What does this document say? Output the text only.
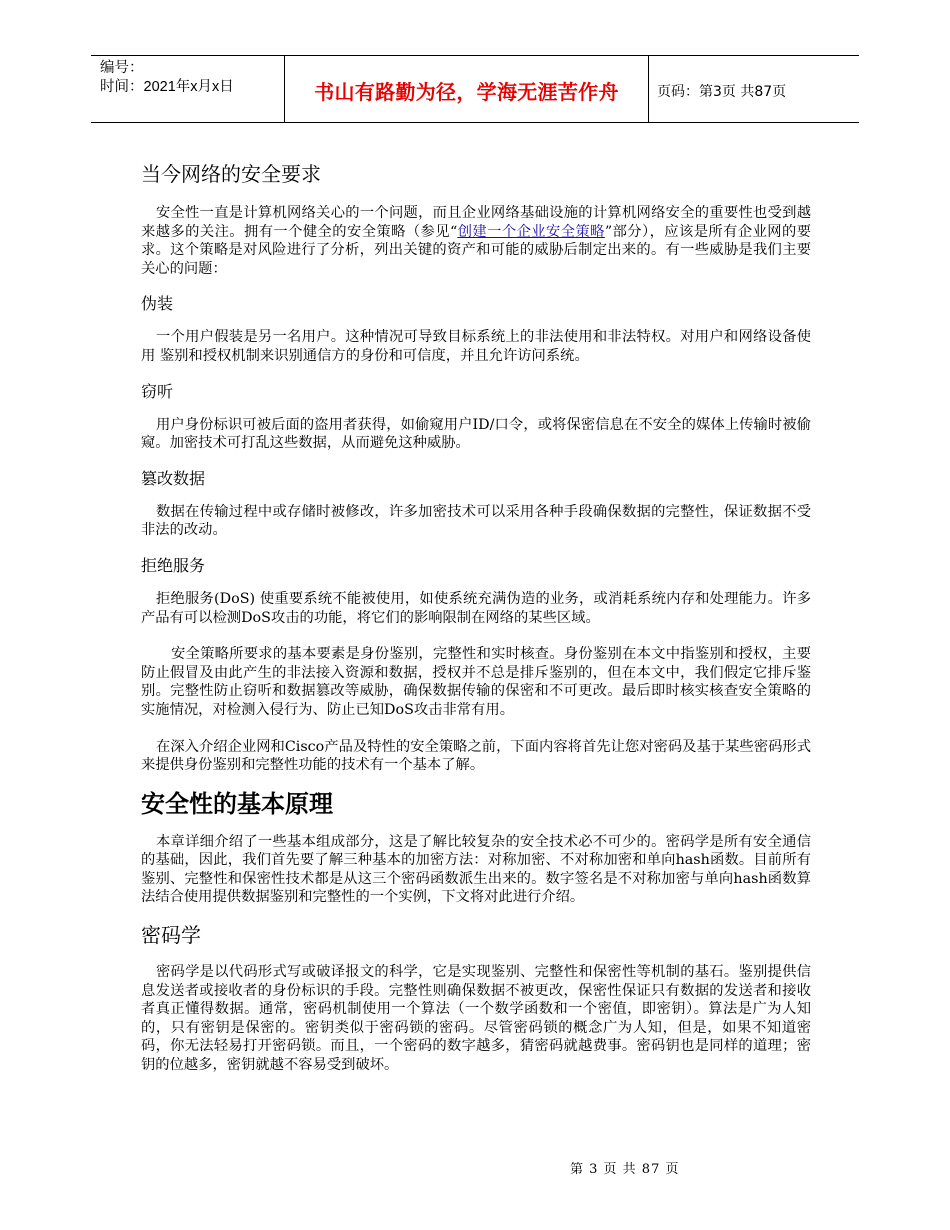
编号：
时间：2021年x月x日	书山有路勤为径，学海无涯苦作舟	页码：第3页 共87页
当今网络的安全要求

安全性一直是计算机网络关心的一个问题，而且企业网络基础设施的计算机网络安全的重要性也受到越来越多的关注。拥有一个健全的安全策略（参见“创建一个企业安全策略”部分），应该是所有企业网的要求。这个策略是对风险进行了分析，列出关键的资产和可能的威胁后制定出来的。有一些威胁是我们主要关心的问题：

伪装

一个用户假装是另一名用户。这种情况可导致目标系统上的非法使用和非法特权。对用户和网络设备使用 鉴别和授权机制来识别通信方的身份和可信度，并且允许访问系统。

窃听

用户身份标识可被后面的盗用者获得，如偷窥用户ID/口令，或将保密信息在不安全的媒体上传输时被偷窥。加密技术可打乱这些数据，从而避免这种威胁。

篡改数据

数据在传输过程中或存储时被修改，许多加密技术可以采用各种手段确保数据的完整性，保证数据不受非法的改动。

拒绝服务

拒绝服务(DoS) 使重要系统不能被使用，如使系统充满伪造的业务，或消耗系统内存和处理能力。许多产品有可以检测DoS攻击的功能，将它们的影响限制在网络的某些区域。

安全策略所要求的基本要素是身份鉴别，完整性和实时核查。身份鉴别在本文中指鉴别和授权，主要防止假冒及由此产生的非法接入资源和数据，授权并不总是排斥鉴别的，但在本文中，我们假定它排斥鉴别。完整性防止窃听和数据篡改等威胁，确保数据传输的保密和不可更改。最后即时核实核查安全策略的实施情况，对检测入侵行为、防止已知DoS攻击非常有用。

在深入介绍企业网和Cisco产品及特性的安全策略之前，下面内容将首先让您对密码及基于某些密码形式来提供身份鉴别和完整性功能的技术有一个基本了解。

安全性的基本原理

本章详细介绍了一些基本组成部分，这是了解比较复杂的安全技术必不可少的。密码学是所有安全通信的基础，因此，我们首先要了解三种基本的加密方法：对称加密、不对称加密和单向hash函数。目前所有鉴别、完整性和保密性技术都是从这三个密码函数派生出来的。数字签名是不对称加密与单向hash函数算法结合使用提供数据鉴别和完整性的一个实例，下文将对此进行介绍。

密码学

密码学是以代码形式写或破译报文的科学，它是实现鉴别、完整性和保密性等机制的基石。鉴别提供信息发送者或接收者的身份标识的手段。完整性则确保数据不被更改，保密性保证只有数据的发送者和接收者真正懂得数据。通常，密码机制使用一个算法（一个数学函数和一个密值，即密钥）。算法是广为人知的，只有密钥是保密的。密钥类似于密码锁的密码。尽管密码锁的概念广为人知，但是，如果不知道密码，你无法轻易打开密码锁。而且，一个密码的数字越多，猜密码就越费事。密码钥也是同样的道理；密钥的位越多，密钥就越不容易受到破坏。

第 3 页 共 87 页
